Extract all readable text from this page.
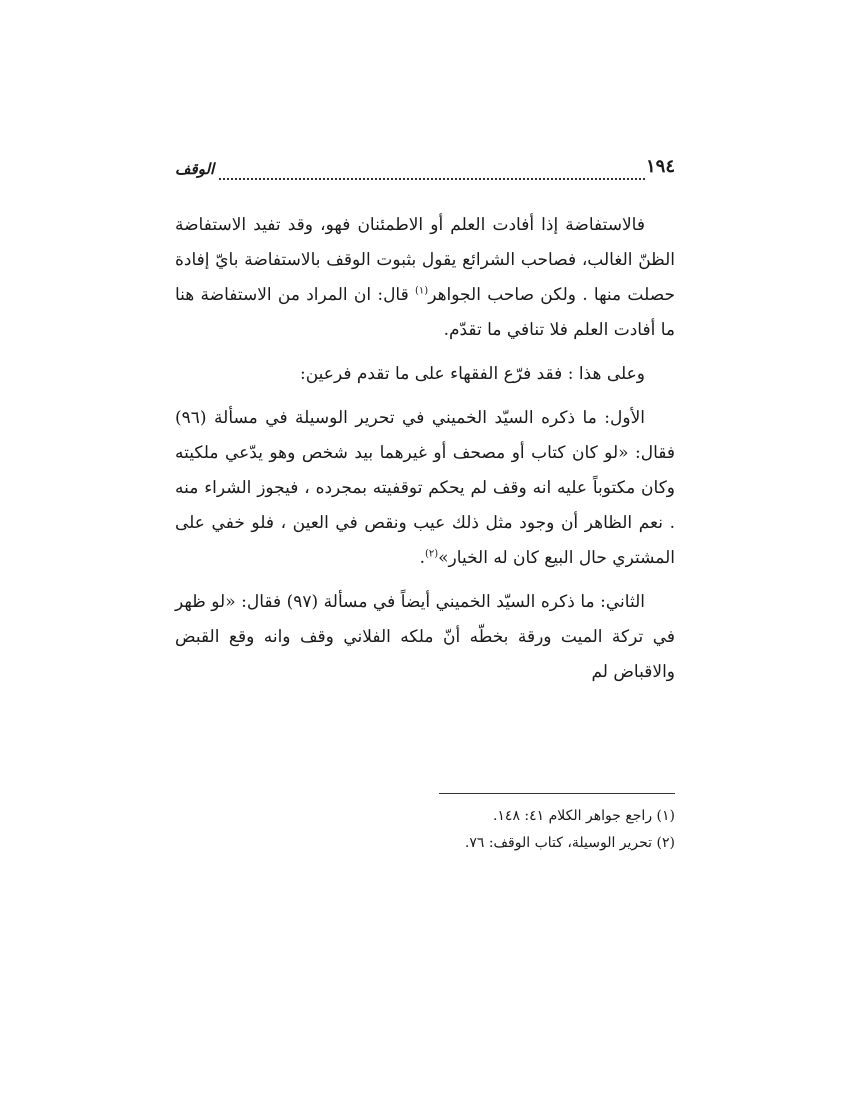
١٩٤
الوقف

فالاستفاضة إذا أفادت العلم أو الاطمئنان فهو، وقد تفيد الاستفاضة الظنّ الغالب، فصاحب الشرائع يقول بثبوت الوقف بالاستفاضة بايّ إفادة حصلت منها . ولكن صاحب الجواهر$^{(١)}$ قال: ان المراد من الاستفاضة هنا ما أفادت العلم فلا تنافي ما تقدّم.

وعلى هذا : فقد فرّع الفقهاء على ما تقدم فرعين:

الأول: ما ذكره السيّد الخميني في تحرير الوسيلة في مسألة (٩٦) فقال: «لو كان كتاب أو مصحف أو غيرهما بيد شخص وهو يدّعي ملكيته وكان مكتوباً عليه انه وقف لم يحكم توقفيته بمجرده ، فيجوز الشراء منه . نعم الظاهر أن وجود مثل ذلك عيب ونقص في العين ، فلو خفي على المشتري حال البيع كان له الخيار»$^{(٢)}$.

الثاني: ما ذكره السيّد الخميني أيضاً في مسألة (٩٧) فقال: «لو ظهر في تركة الميت ورقة بخطّه أنّ ملكه الفلاني وقف وانه وقع القبض والاقباض لم

(١) راجع جواهر الكلام ٤١: ١٤٨.

(٢) تحرير الوسيلة، كتاب الوقف: ٧٦.
